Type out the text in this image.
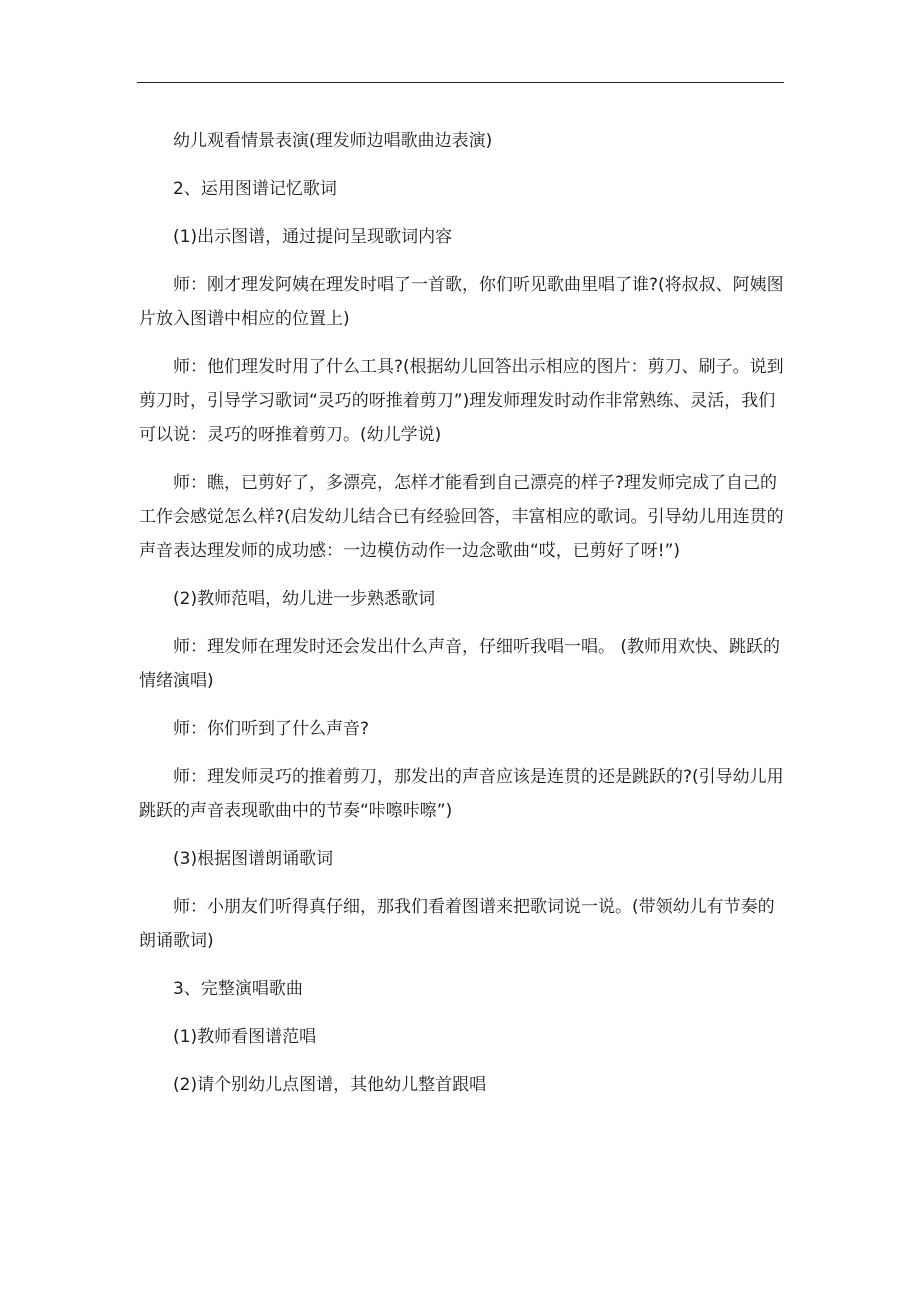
幼儿观看情景表演(理发师边唱歌曲边表演)

2、运用图谱记忆歌词

(1)出示图谱，通过提问呈现歌词内容

师：刚才理发阿姨在理发时唱了一首歌，你们听见歌曲里唱了谁?(将叔叔、阿姨图片放入图谱中相应的位置上)

师：他们理发时用了什么工具?(根据幼儿回答出示相应的图片：剪刀、刷子。说到剪刀时，引导学习歌词“灵巧的呀推着剪刀”)理发师理发时动作非常熟练、灵活，我们可以说：灵巧的呀推着剪刀。(幼儿学说)

师：瞧，已剪好了，多漂亮，怎样才能看到自己漂亮的样子?理发师完成了自己的工作会感觉怎么样?(启发幼儿结合已有经验回答，丰富相应的歌词。引导幼儿用连贯的声音表达理发师的成功感：一边模仿动作一边念歌曲“哎，已剪好了呀!”)

(2)教师范唱，幼儿进一步熟悉歌词

师：理发师在理发时还会发出什么声音，仔细听我唱一唱。 (教师用欢快、跳跃的情绪演唱)

师：你们听到了什么声音?

师：理发师灵巧的推着剪刀，那发出的声音应该是连贯的还是跳跃的?(引导幼儿用跳跃的声音表现歌曲中的节奏“咔嚓咔嚓”)

(3)根据图谱朗诵歌词

师：小朋友们听得真仔细，那我们看着图谱来把歌词说一说。(带领幼儿有节奏的朗诵歌词)

3、完整演唱歌曲

(1)教师看图谱范唱

(2)请个别幼儿点图谱，其他幼儿整首跟唱
